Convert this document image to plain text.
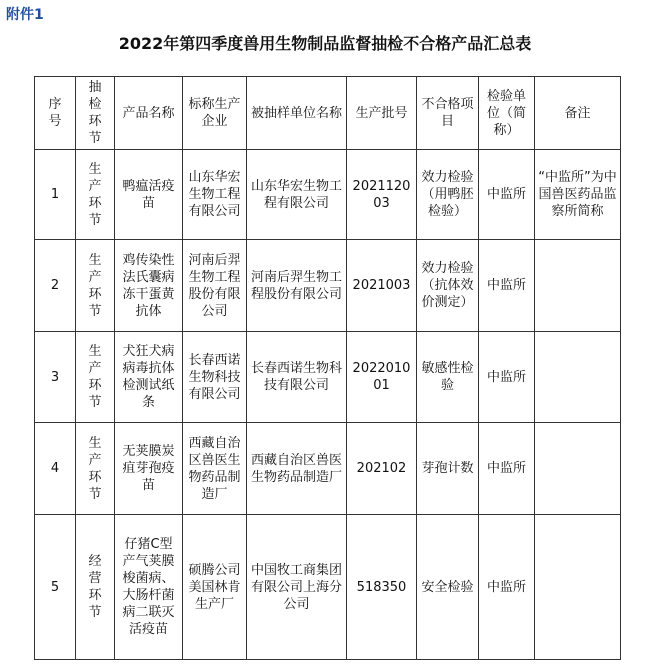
附件1
2022年第四季度兽用生物制品监督抽检不合格产品汇总表
序号	抽检环节	产品名称	标称生产企业	被抽样单位名称	生产批号	不合格项目	检验单位（简称）	备注
1	生产环节	鸭瘟活疫苗	山东华宏生物工程有限公司	山东华宏生物工程有限公司	202112003	效力检验（用鸭胚检验）	中监所	“中监所”为中国兽医药品监察所简称
2	生产环节	鸡传染性法氏囊病冻干蛋黄抗体	河南后羿生物工程股份有限公司	河南后羿生物工程股份有限公司	2021003	效力检验（抗体效价测定）	中监所	
3	生产环节	犬狂犬病病毒抗体检测试纸条	长春西诺生物科技有限公司	长春西诺生物科技有限公司	202201001	敏感性检验	中监所	
4	生产环节	无荚膜炭疽芽孢疫苗	西藏自治区兽医生物药品制造厂	西藏自治区兽医生物药品制造厂	202102	芽孢计数	中监所	
5	经营环节	仔猪C型产气荚膜梭菌病、大肠杆菌病二联灭活疫苗	硕腾公司美国林肯生产厂	中国牧工商集团有限公司上海分公司	518350	安全检验	中监所	
